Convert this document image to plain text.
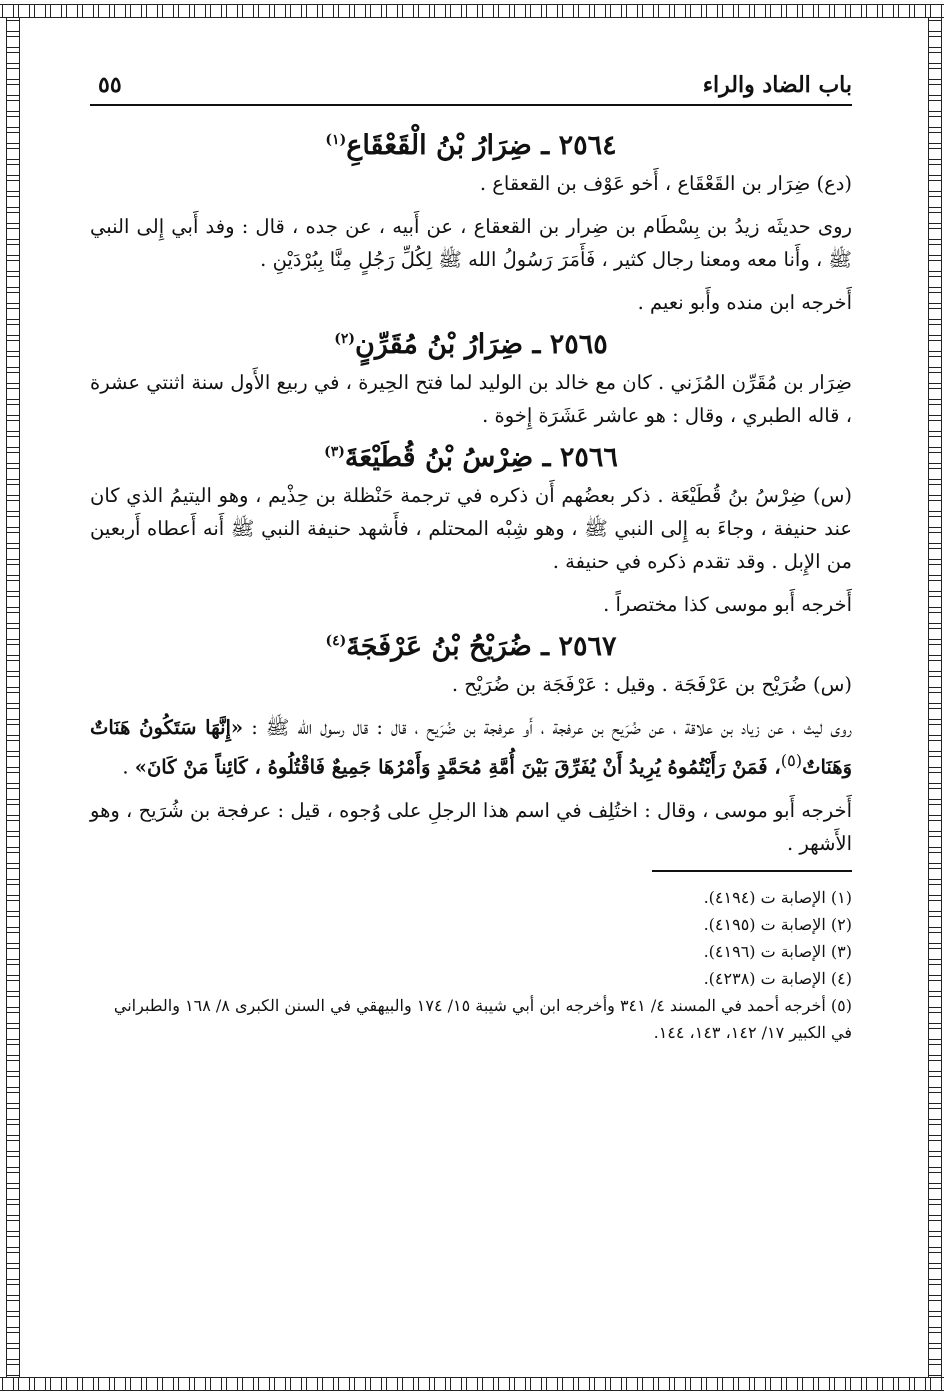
باب الضاد والراء
٥٥
٢٥٦٤ ـ ضِرَارُ بْنُ الْقَعْقَاعِ$^{(١)}$

(دع) ضِرَار بن القَعْقَاع ، أَخو عَوْف بن القعقاع .

روى حديثَه زيدُ بن بِسْطَام بن ضِرار بن القعقاع ، عن أَبيه ، عن جده ، قال : وفد أَبي إِلى النبي ﷺ ، وأَنا معه ومعنا رجال كثير ، فَأَمَرَ رَسُولُ الله ﷺ لِكُلِّ رَجُلٍ مِنَّا بِبُرْدَيْنِ .

أَخرجه ابن منده وأَبو نعيم .

٢٥٦٥ ـ ضِرَارُ بْنُ مُقَرِّنٍ$^{(٢)}$

ضِرَار بن مُقَرِّن المُزَني . كان مع خالد بن الوليد لما فتح الحِيرة ، في ربيع الأَول سنة اثنتي عشرة ، قاله الطبري ، وقال : هو عاشر عَشَرَة إِخوة .

٢٥٦٦ ـ ضِرْسُ بْنُ قُطَيْعَةَ$^{(٣)}$

(س) ضِرْسُ بنُ قُطَيْعَة . ذكر بعضُهم أَن ذكره في ترجمة حَنْظلة بن حِذْيم ، وهو اليتيمُ الذي كان عند حنيفة ، وجاءَ به إِلى النبي ﷺ ، وهو شِبْه المحتلم ، فأَشهد حنيفة النبي ﷺ أَنه أَعطاه أَربعين من الإِبل . وقد تقدم ذكره في حنيفة .

أَخرجه أَبو موسى كذا مختصراً .

٢٥٦٧ ـ ضُرَيْحُ بْنُ عَرْفَجَةَ$^{(٤)}$

(س) ضُرَيْح بن عَرْفَجَة . وقيل : عَرْفَجَة بن ضُرَيْح .

روى ليث ، عن زياد بن علاقة ، عن ضُرَيح بن عرفجة ، أَو عرفجة بن ضُرَيح ، قال : قال رسول الله ﷺ : «إِنَّهَا سَتَكُونُ هَنَاتٌ وَهَنَاتٌ$^{(٥)}$، فَمَنْ رَأَيْتُمُوهُ يُرِيدُ أَنْ يُفَرِّقَ بَيْنَ أُمَّةِ مُحَمَّدٍ وَأَمْرُهَا جَمِيعٌ فَاقْتُلُوهُ ، كَائِناً مَنْ كَانَ» .

أَخرجه أَبو موسى ، وقال : اختُلِف في اسم هذا الرجلِ على وُجوه ، قيل : عرفجة بن شُرَيح ، وهو الأَشهر .

(١) الإصابة ت (٤١٩٤).

(٢) الإصابة ت (٤١٩٥).

(٣) الإصابة ت (٤١٩٦).

(٤) الإصابة ت (٤٢٣٨).

(٥) أخرجه أحمد في المسند ٤/ ٣٤١ وأخرجه ابن أبي شيبة ١٥/ ١٧٤ والبيهقي في السنن الكبرى ٨/ ١٦٨ والطبراني في الكبير ١٧/ ١٤٢، ١٤٣، ١٤٤.
